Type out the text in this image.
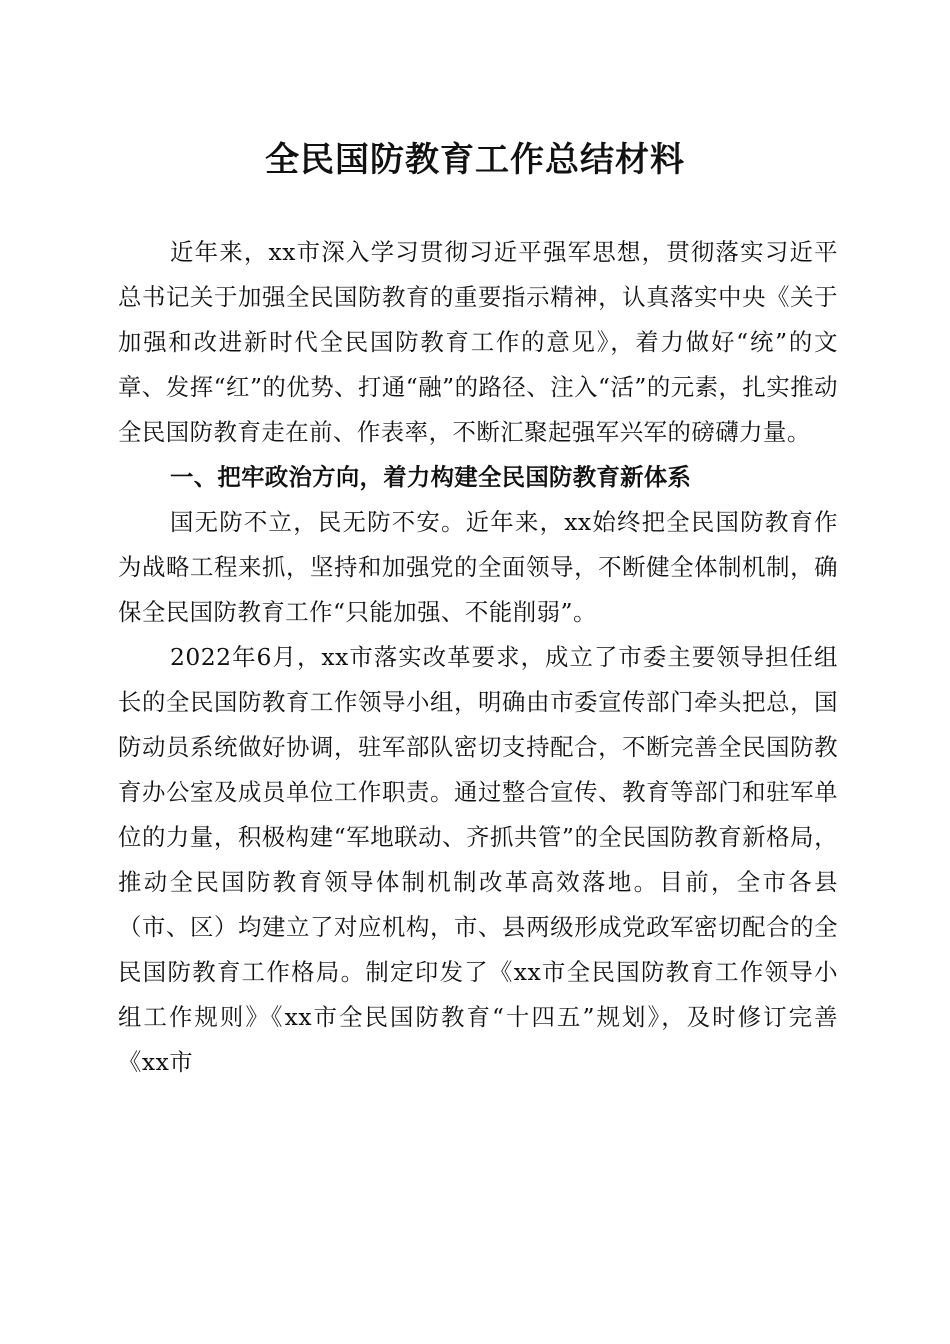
全民国防教育工作总结材料

近年来，xx市深入学习贯彻习近平强军思想，贯彻落实习近平总书记关于加强全民国防教育的重要指示精神，认真落实中央《关于加强和改进新时代全民国防教育工作的意见》，着力做好“统”的文章、发挥“红”的优势、打通“融”的路径、注入“活”的元素，扎实推动全民国防教育走在前、作表率，不断汇聚起强军兴军的磅礴力量。

一、把牢政治方向，着力构建全民国防教育新体系

国无防不立，民无防不安。近年来，xx始终把全民国防教育作为战略工程来抓，坚持和加强党的全面领导，不断健全体制机制，确保全民国防教育工作“只能加强、不能削弱”。

2022年6月，xx市落实改革要求，成立了市委主要领导担任组长的全民国防教育工作领导小组，明确由市委宣传部门牵头把总，国防动员系统做好协调，驻军部队密切支持配合，不断完善全民国防教育办公室及成员单位工作职责。通过整合宣传、教育等部门和驻军单位的力量，积极构建“军地联动、齐抓共管”的全民国防教育新格局，推动全民国防教育领导体制机制改革高效落地。目前，全市各县（市、区）均建立了对应机构，市、县两级形成党政军密切配合的全民国防教育工作格局。制定印发了《xx市全民国防教育工作领导小组工作规则》《xx市全民国防教育“十四五”规划》，及时修订完善《xx市
